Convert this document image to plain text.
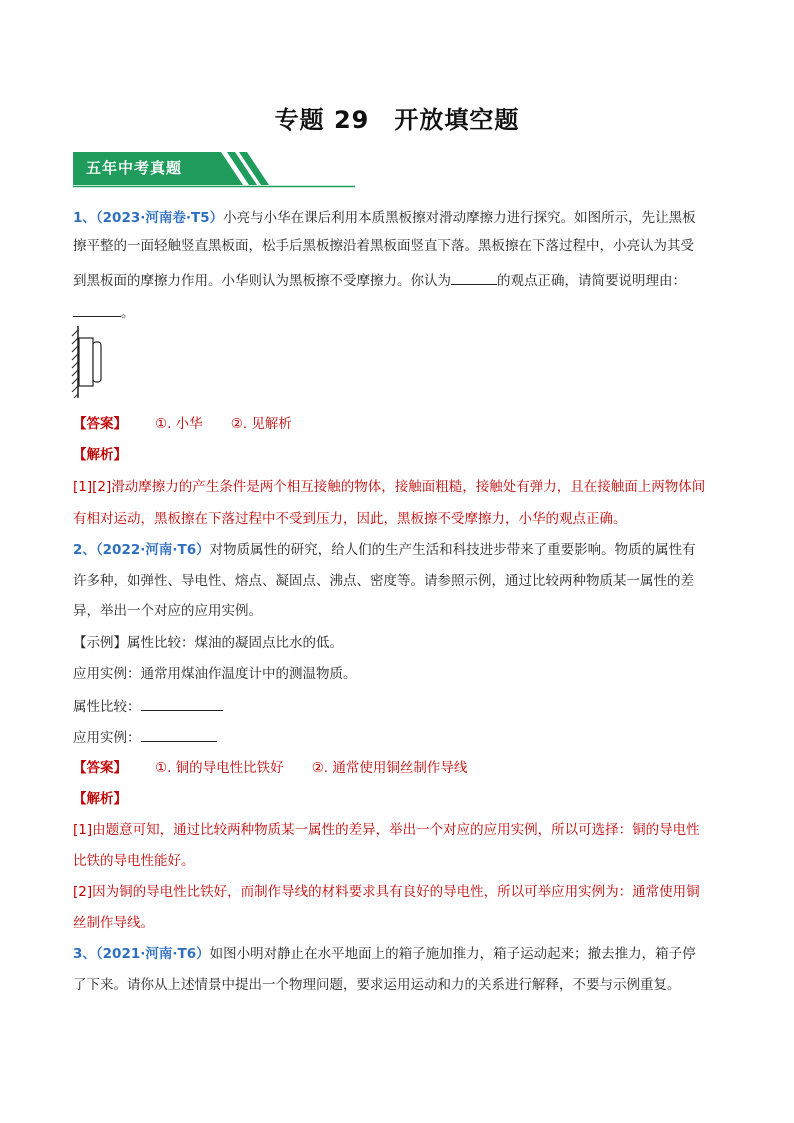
专题 29　开放填空题
五年中考真题
1、（2023·河南卷·T5）小亮与小华在课后利用本质黑板擦对滑动摩擦力进行探究。如图所示，先让黑板
擦平整的一面轻触竖直黑板面，松手后黑板擦沿着黑板面竖直下落。黑板擦在下落过程中，小亮认为其受
到黑板面的摩擦力作用。小华则认为黑板擦不受摩擦力。你认为	的观点正确，请简要说明理由：
。
【答案】 ①. 小华 ②. 见解析
【解析】
[1][2]滑动摩擦力的产生条件是两个相互接触的物体，接触面粗糙，接触处有弹力，且在接触面上两物体间
有相对运动，黑板擦在下落过程中不受到压力，因此，黑板擦不受摩擦力，小华的观点正确。
2、（2022·河南·T6）对物质属性的研究，给人们的生产生活和科技进步带来了重要影响。物质的属性有
许多种，如弹性、导电性、熔点、凝固点、沸点、密度等。请参照示例，通过比较两种物质某一属性的差
异，举出一个对应的应用实例。
【示例】属性比较：煤油的凝固点比水的低。
应用实例：通常用煤油作温度计中的测温物质。
属性比较：
应用实例：
【答案】 ①. 铜的导电性比铁好 ②. 通常使用铜丝制作导线
【解析】
[1]由题意可知，通过比较两种物质某一属性的差异，举出一个对应的应用实例，所以可选择：铜的导电性
比铁的导电性能好。
[2]因为铜的导电性比铁好，而制作导线的材料要求具有良好的导电性，所以可举应用实例为：通常使用铜
丝制作导线。
3、（2021·河南·T6）如图小明对静止在水平地面上的箱子施加推力，箱子运动起来；撤去推力，箱子停
了下来。请你从上述情景中提出一个物理问题，要求运用运动和力的关系进行解释，不要与示例重复。
